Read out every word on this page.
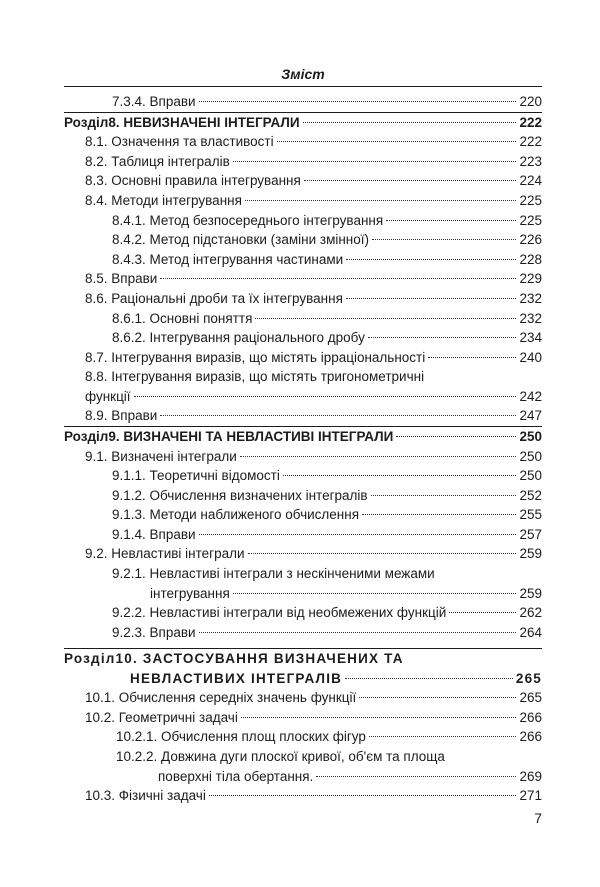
Зміст
7.3.4. Вправи	220
Розділ8. НЕВИЗНАЧЕНІ ІНТЕГРАЛИ	222
8.1. Означення та властивості	222
8.2. Таблиця інтегралів	223
8.3. Основні правила інтегрування	224
8.4. Методи інтегрування	225
8.4.1. Метод безпосереднього інтегрування	225
8.4.2. Метод підстановки (заміни змінної)	226
8.4.3. Метод інтегрування частинами	228
8.5. Вправи	229
8.6. Раціональні дроби та їх інтегрування	232
8.6.1. Основні поняття	232
8.6.2. Інтегрування раціонального дробу	234
8.7. Інтегрування виразів, що містять ірраціональності	240
8.8. Інтегрування виразів, що містять тригонометричні
функції	242
8.9. Вправи	247
Розділ9. ВИЗНАЧЕНІ ТА НЕВЛАСТИВІ ІНТЕГРАЛИ	250
9.1. Визначені інтеграли	250
9.1.1. Теоретичні відомості	250
9.1.2. Обчислення визначених інтегралів	252
9.1.3. Методи наближеного обчислення	255
9.1.4. Вправи	257
9.2. Невластиві інтеграли	259
9.2.1. Невластиві інтеграли з нескінченими межами
інтегрування	259
9.2.2. Невластиві інтеграли від необмежених функцій	262
9.2.3. Вправи	264
Розділ10. ЗАСТОСУВАННЯ ВИЗНАЧЕНИХ ТА
НЕВЛАСТИВИХ ІНТЕГРАЛІВ	265
10.1. Обчислення середніх значень функції	265
10.2. Геометричні задачі	266
10.2.1. Обчислення площ плоских фігур	266
10.2.2. Довжина дуги плоскої кривої, об'єм та площа
поверхні тіла обертання.	269
10.3. Фізичні задачі	271
7
